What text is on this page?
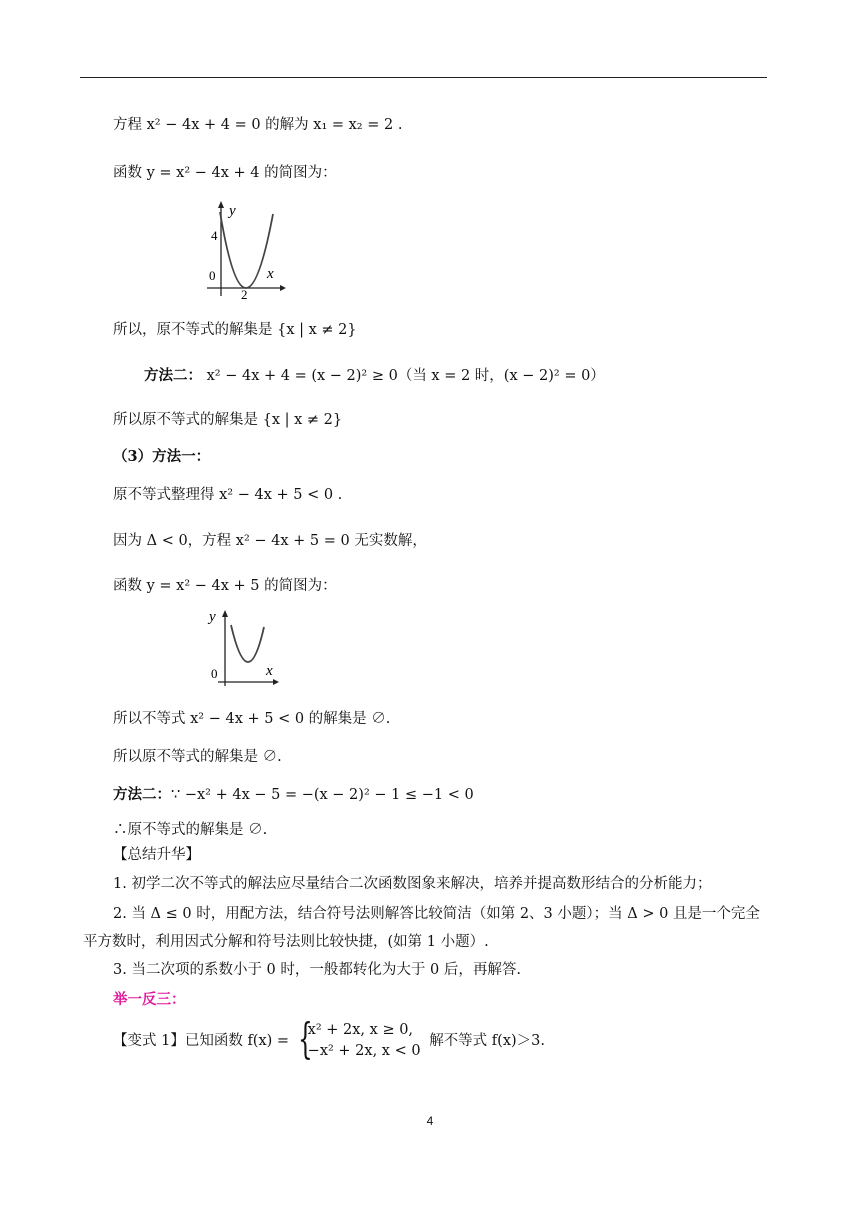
方程 x² − 4x + 4 = 0 的解为 x₁ = x₂ = 2 .
函数 y = x² − 4x + 4 的简图为：
y
x
4
0
2
所以，原不等式的解集是 {x | x ≠ 2}
方法二： x² − 4x + 4 = (x − 2)² ≥ 0（当 x = 2 时，(x − 2)² = 0）
所以原不等式的解集是 {x | x ≠ 2}
（3）方法一：
原不等式整理得 x² − 4x + 5 < 0 .
因为 Δ < 0，方程 x² − 4x + 5 = 0 无实数解，
函数 y = x² − 4x + 5 的简图为：
y
x
0
所以不等式 x² − 4x + 5 < 0 的解集是 ∅.
所以原不等式的解集是 ∅.
方法二：∵ −x² + 4x − 5 = −(x − 2)² − 1 ≤ −1 < 0
∴原不等式的解集是 ∅.
【总结升华】
1. 初学二次不等式的解法应尽量结合二次函数图象来解决，培养并提高数形结合的分析能力；
2. 当 Δ ≤ 0 时，用配方法，结合符号法则解答比较简洁（如第 2、3 小题）；当 Δ > 0 且是一个完全
平方数时，利用因式分解和符号法则比较快捷，(如第 1 小题）.
3. 当二次项的系数小于 0 时，一般都转化为大于 0 后，再解答.
举一反三：
【变式 1】已知函数 f(x) = {
x² + 2x, x ≥ 0,
−x² + 2x, x < 0
解不等式 f(x)＞3.
4
